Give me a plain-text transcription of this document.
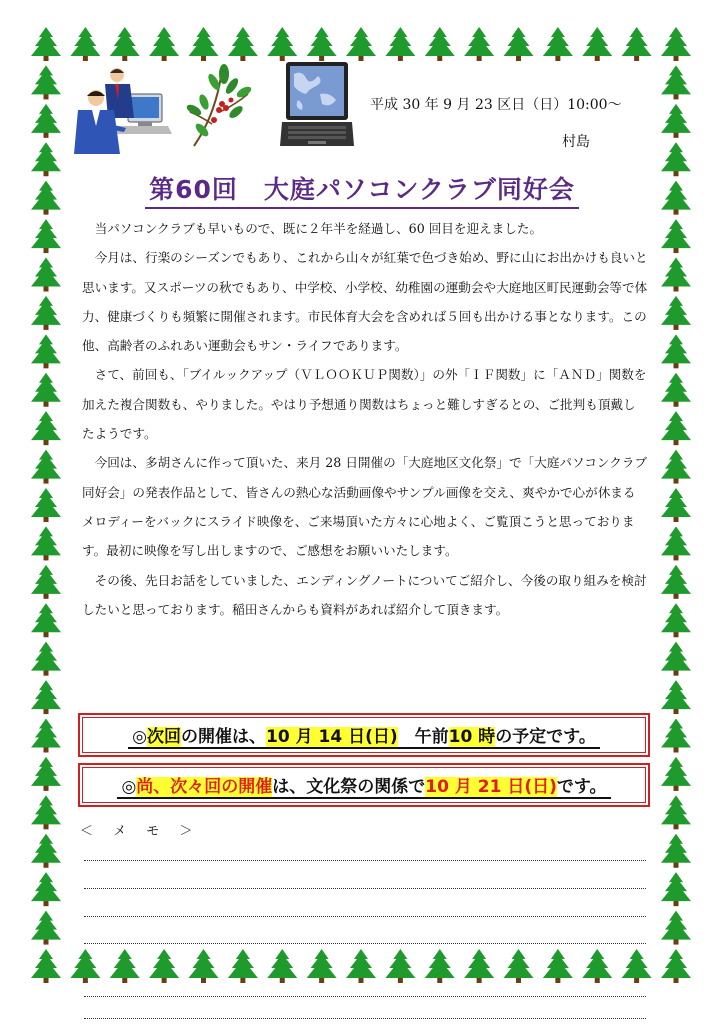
平成 30 年 9 月 23 区日（日）10:00～
村島
第60回　大庭パソコンクラブ同好会

当パソコンクラブも早いもので、既に２年半を経過し、60 回目を迎えました。

今月は、行楽のシーズンでもあり、これから山々が紅葉で色づき始め、野に山にお出かけも良いと思います。又スポーツの秋でもあり、中学校、小学校、幼稚園の運動会や大庭地区町民運動会等で体力、健康づくりも頻繁に開催されます。市民体育大会を含めれば５回も出かける事となります。この他、高齢者のふれあい運動会もサン・ライフであります。

さて、前回も、「ブイルックアップ（ＶＬＯＯＫＵＰ関数）」の外「ＩＦ関数」に「ＡＮＤ」関数を加えた複合関数も、やりました。やはり予想通り関数はちょっと難しすぎるとの、ご批判も頂戴したようです。

今回は、多胡さんに作って頂いた、来月 28 日開催の「大庭地区文化祭」で「大庭パソコンクラブ同好会」の発表作品として、皆さんの熱心な活動画像やサンプル画像を交え、爽やかで心が休まるメロディーをバックにスライド映像を、ご来場頂いた方々に心地よく、ご覧頂こうと思っております。最初に映像を写し出しますので、ご感想をお願いいたします。

その後、先日お話をしていました、エンディングノートについてご紹介し、今後の取り組みを検討したいと思っております。稲田さんからも資料があれば紹介して頂きます。

◎次回の開催は、10 月 14 日(日)　午前10 時の予定です。
◎尚、次々回の開催は、文化祭の関係で10 月 21 日(日)です。
＜ メ モ ＞
